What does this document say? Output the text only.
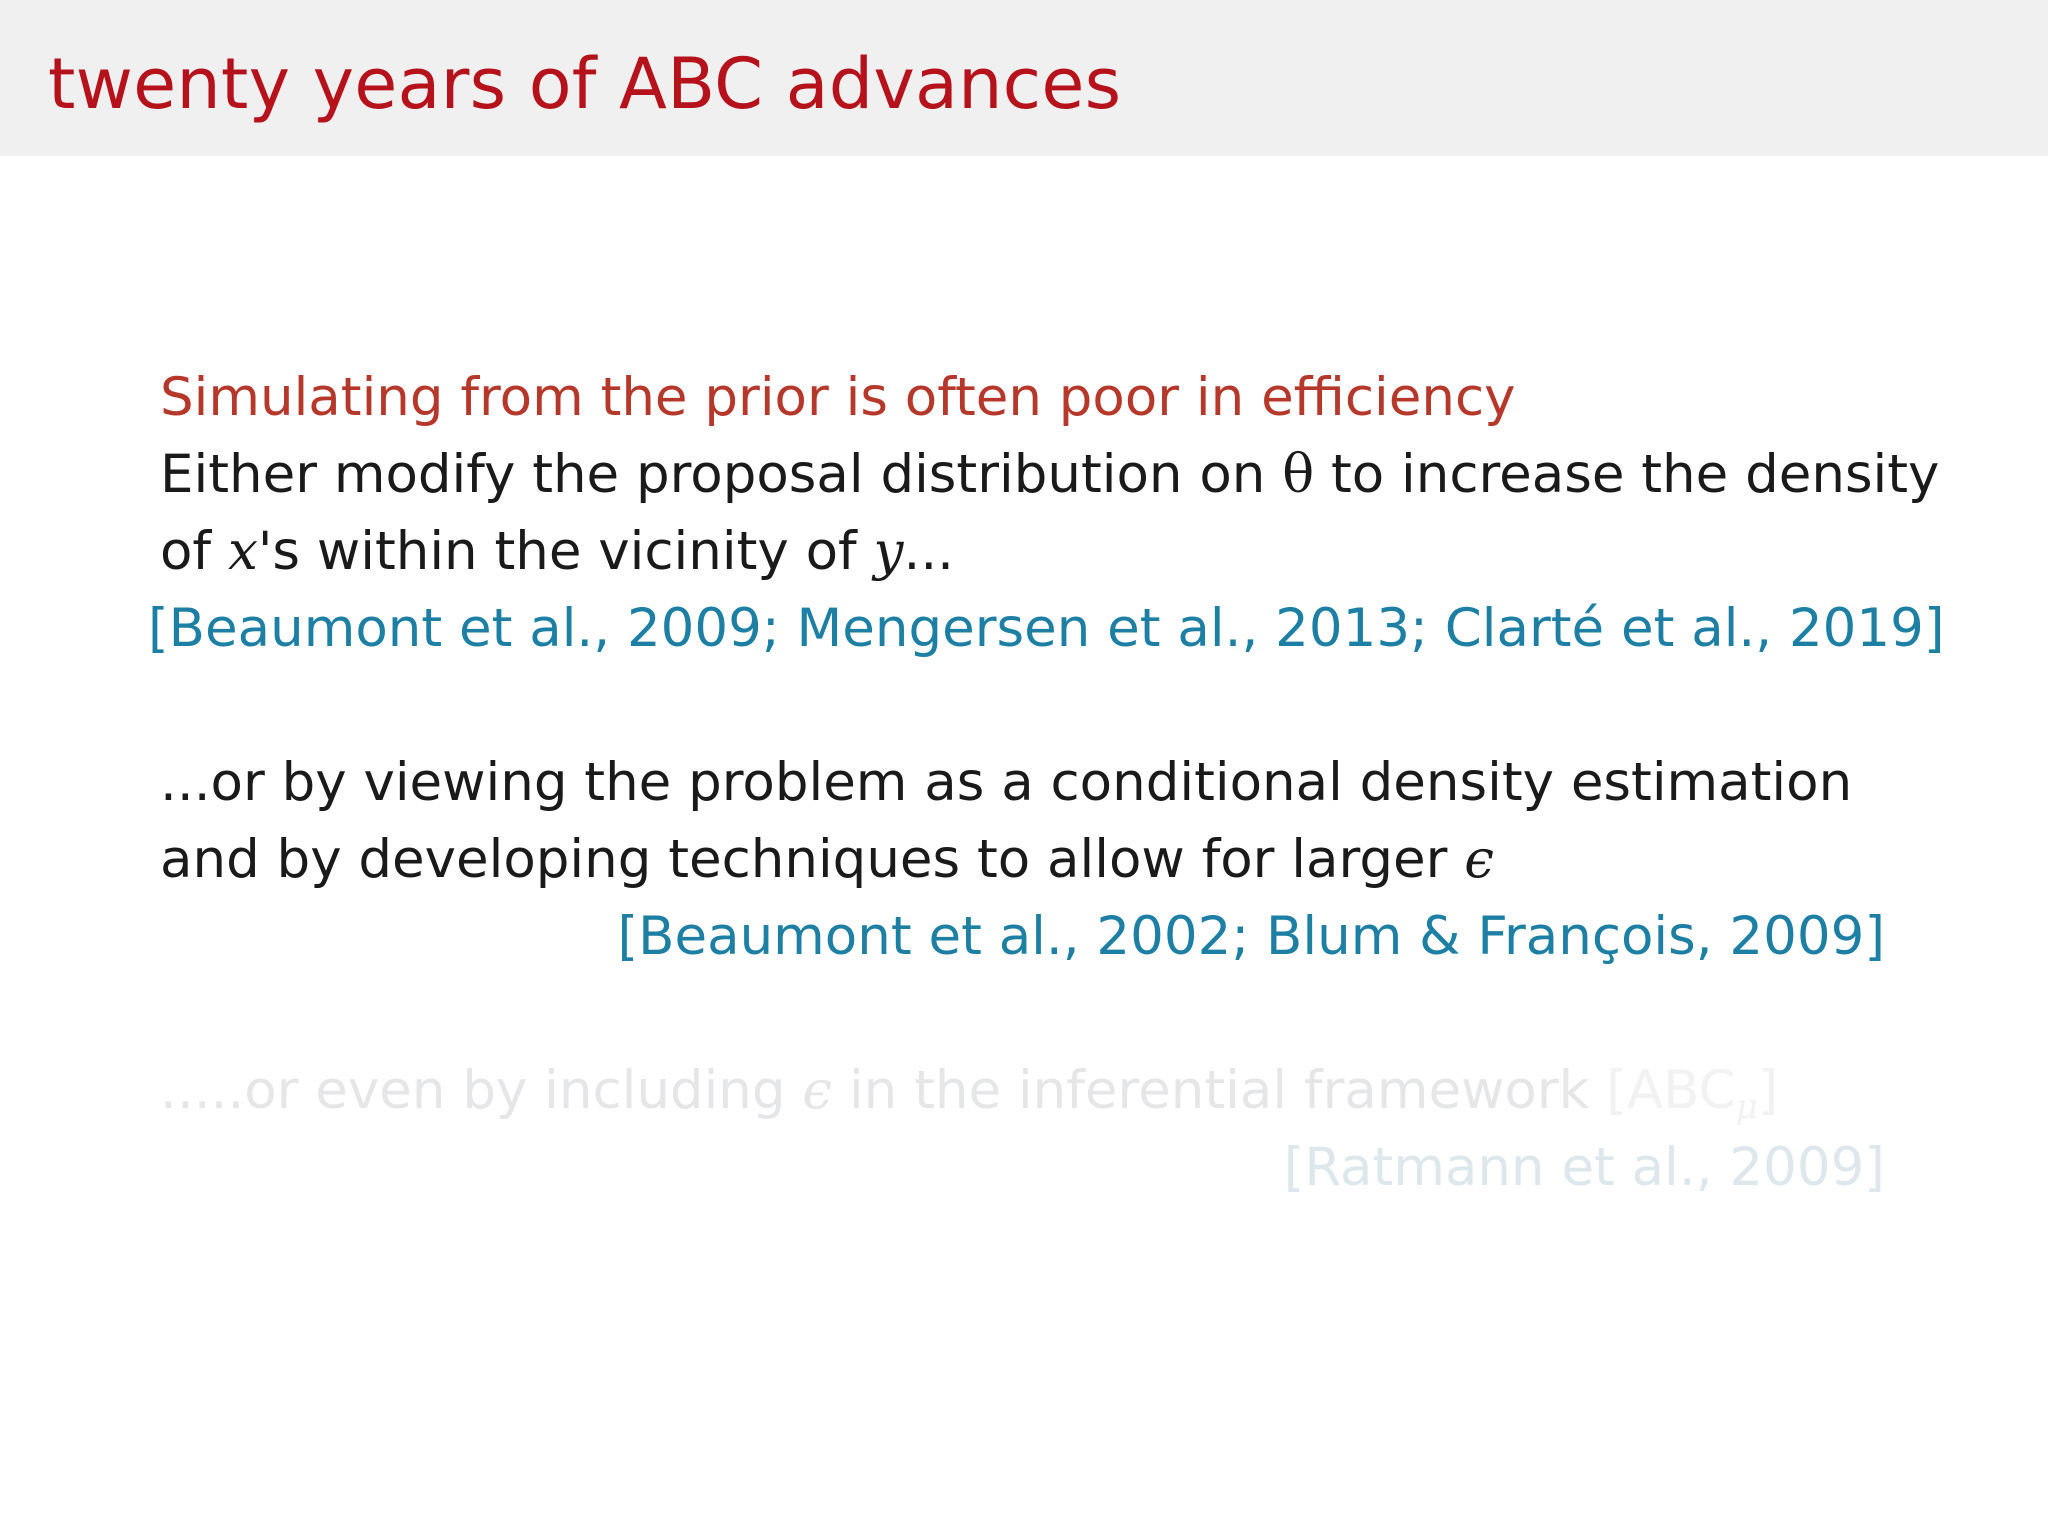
twenty years of ABC advances
Simulating from the prior is often poor in efficiency
Either modify the proposal distribution on θ to increase the density
of x's within the vicinity of y...
[Beaumont et al., 2009; Mengersen et al., 2013; Clarté et al., 2019]
...or by viewing the problem as a conditional density estimation
and by developing techniques to allow for larger ϵ
[Beaumont et al., 2002; Blum & François, 2009]
.....or even by including ϵ in the inferential framework $[ABC_\mu]$
[Ratmann et al., 2009]
